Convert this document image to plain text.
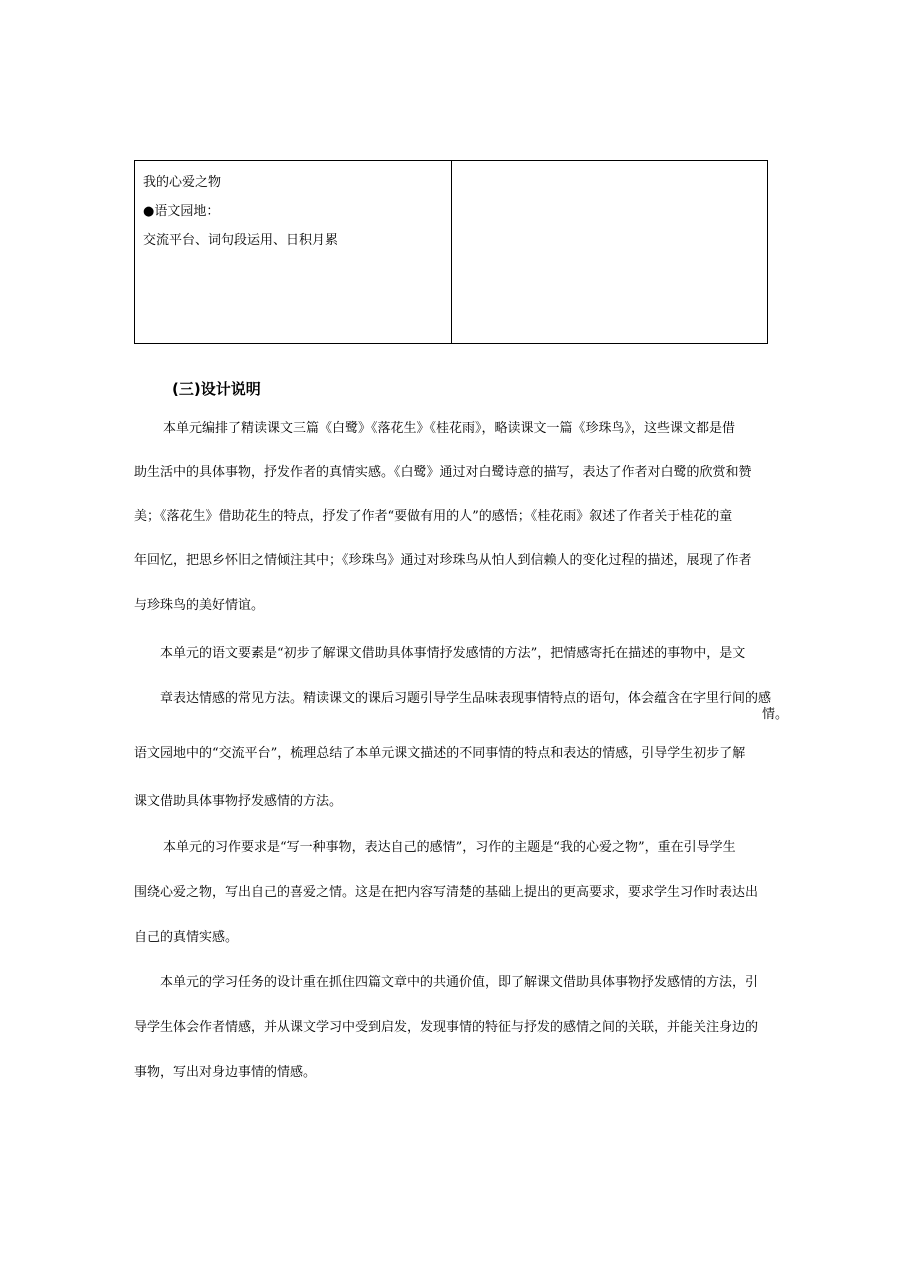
我的心爱之物
●语文园地：
交流平台、词句段运用、日积月累
(三)设计说明
本单元编排了精读课文三篇《白鹭》《落花生》《桂花雨》，略读课文一篇《珍珠鸟》，这些课文都是借
助生活中的具体事物，抒发作者的真情实感。《白鹭》通过对白鹭诗意的描写，表达了作者对白鹭的欣赏和赞
美；《落花生》借助花生的特点，抒发了作者“要做有用的人”的感悟；《桂花雨》叙述了作者关于桂花的童
年回忆，把思乡怀旧之情倾注其中；《珍珠鸟》通过对珍珠鸟从怕人到信赖人的变化过程的描述，展现了作者
与珍珠鸟的美好情谊。
本单元的语文要素是“初步了解课文借助具体事情抒发感情的方法”，把情感寄托在描述的事物中，是文
章表达情感的常见方法。精读课文的课后习题引导学生品味表现事情特点的语句，体会蕴含在字里行间的感
情。
语文园地中的“交流平台”，梳理总结了本单元课文描述的不同事情的特点和表达的情感，引导学生初步了解
课文借助具体事物抒发感情的方法。
本单元的习作要求是“写一种事物，表达自己的感情”，习作的主题是“我的心爱之物”，重在引导学生
围绕心爱之物，写出自己的喜爱之情。这是在把内容写清楚的基础上提出的更高要求，要求学生习作时表达出
自己的真情实感。
本单元的学习任务的设计重在抓住四篇文章中的共通价值，即了解课文借助具体事物抒发感情的方法，引
导学生体会作者情感，并从课文学习中受到启发，发现事情的特征与抒发的感情之间的关联，并能关注身边的
事物，写出对身边事情的情感。
